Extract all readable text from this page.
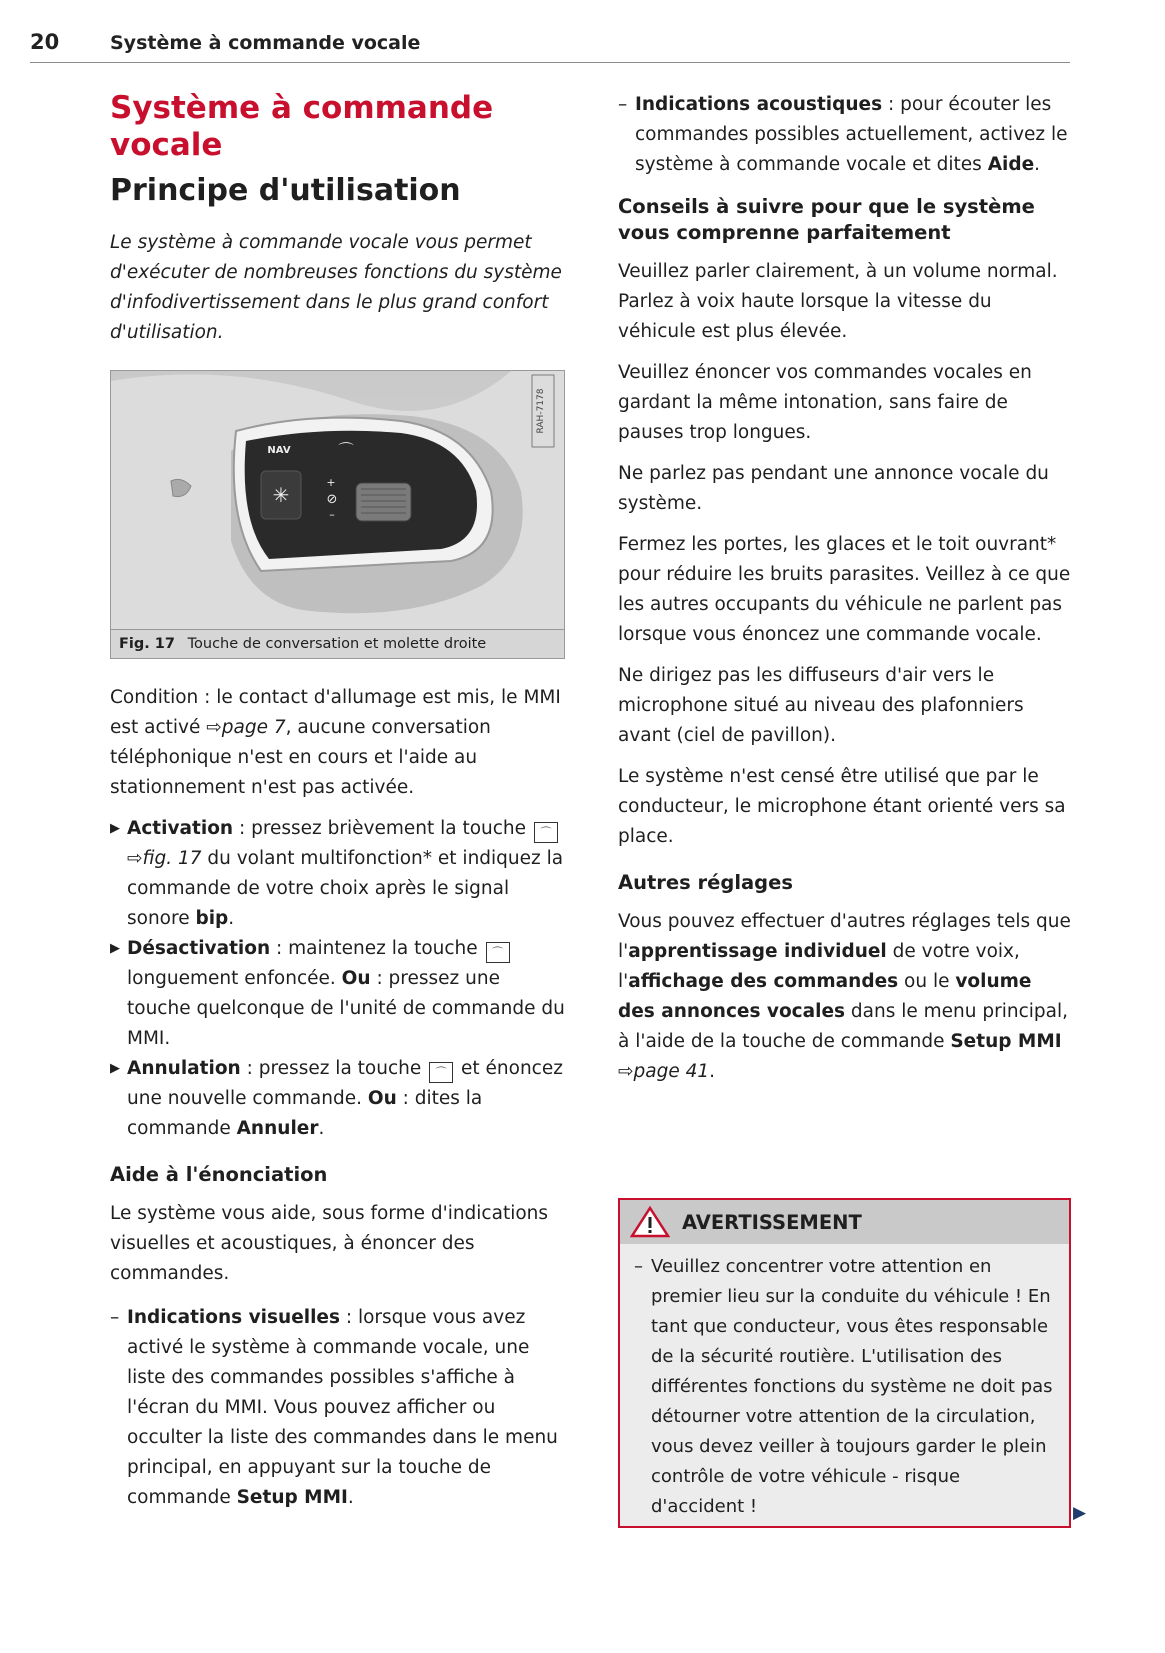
20	Système à commande vocale
Système à commande vocale
Principe d'utilisation

Le système à commande vocale vous permet d'exécuter de nombreuses fonctions du système d'infodivertissement dans le plus grand confort d'utilisation.

✳
NAV	⌒
+
⊘
–
RAH-7178
Fig. 17 Touche de conversation et molette droite

Condition : le contact d'allumage est mis, le MMI est activé ⇨page 7, aucune conversation téléphonique n'est en cours et l'aide au stationnement n'est pas activée.

▶ Activation : pressez brièvement la touche ⌒ ⇨fig. 17 du volant multifonction* et indiquez la commande de votre choix après le signal sonore bip.
▶ Désactivation : maintenez la touche ⌒ longuement enfoncée. Ou : pressez une touche quelconque de l'unité de commande du MMI.
▶ Annulation : pressez la touche ⌒ et énoncez une nouvelle commande. Ou : dites la commande Annuler.
Aide à l'énonciation

Le système vous aide, sous forme d'indications visuelles et acoustiques, à énoncer des commandes.

– Indications visuelles : lorsque vous avez activé le système à commande vocale, une liste des commandes possibles s'affiche à l'écran du MMI. Vous pouvez afficher ou occulter la liste des commandes dans le menu principal, en appuyant sur la touche de commande Setup MMI.
– Indications acoustiques : pour écouter les commandes possibles actuellement, activez le système à commande vocale et dites Aide.
Conseils à suivre pour que le système vous comprenne parfaitement

Veuillez parler clairement, à un volume normal. Parlez à voix haute lorsque la vitesse du véhicule est plus élevée.

Veuillez énoncer vos commandes vocales en gardant la même intonation, sans faire de pauses trop longues.

Ne parlez pas pendant une annonce vocale du système.

Fermez les portes, les glaces et le toit ouvrant* pour réduire les bruits parasites. Veillez à ce que les autres occupants du véhicule ne parlent pas lorsque vous énoncez une commande vocale.

Ne dirigez pas les diffuseurs d'air vers le microphone situé au niveau des plafonniers avant (ciel de pavillon).

Le système n'est censé être utilisé que par le conducteur, le microphone étant orienté vers sa place.

Autres réglages

Vous pouvez effectuer d'autres réglages tels que l'apprentissage individuel de votre voix, l'affichage des commandes ou le volume des annonces vocales dans le menu principal, à l'aide de la touche de commande Setup MMI ⇨page 41.

AVERTISSEMENT
– Veuillez concentrer votre attention en premier lieu sur la conduite du véhicule ! En tant que conducteur, vous êtes responsable de la sécurité routière. L'utilisation des différentes fonctions du système ne doit pas détourner votre attention de la circulation, vous devez veiller à toujours garder le plein contrôle de votre véhicule - risque d'accident !	▶
